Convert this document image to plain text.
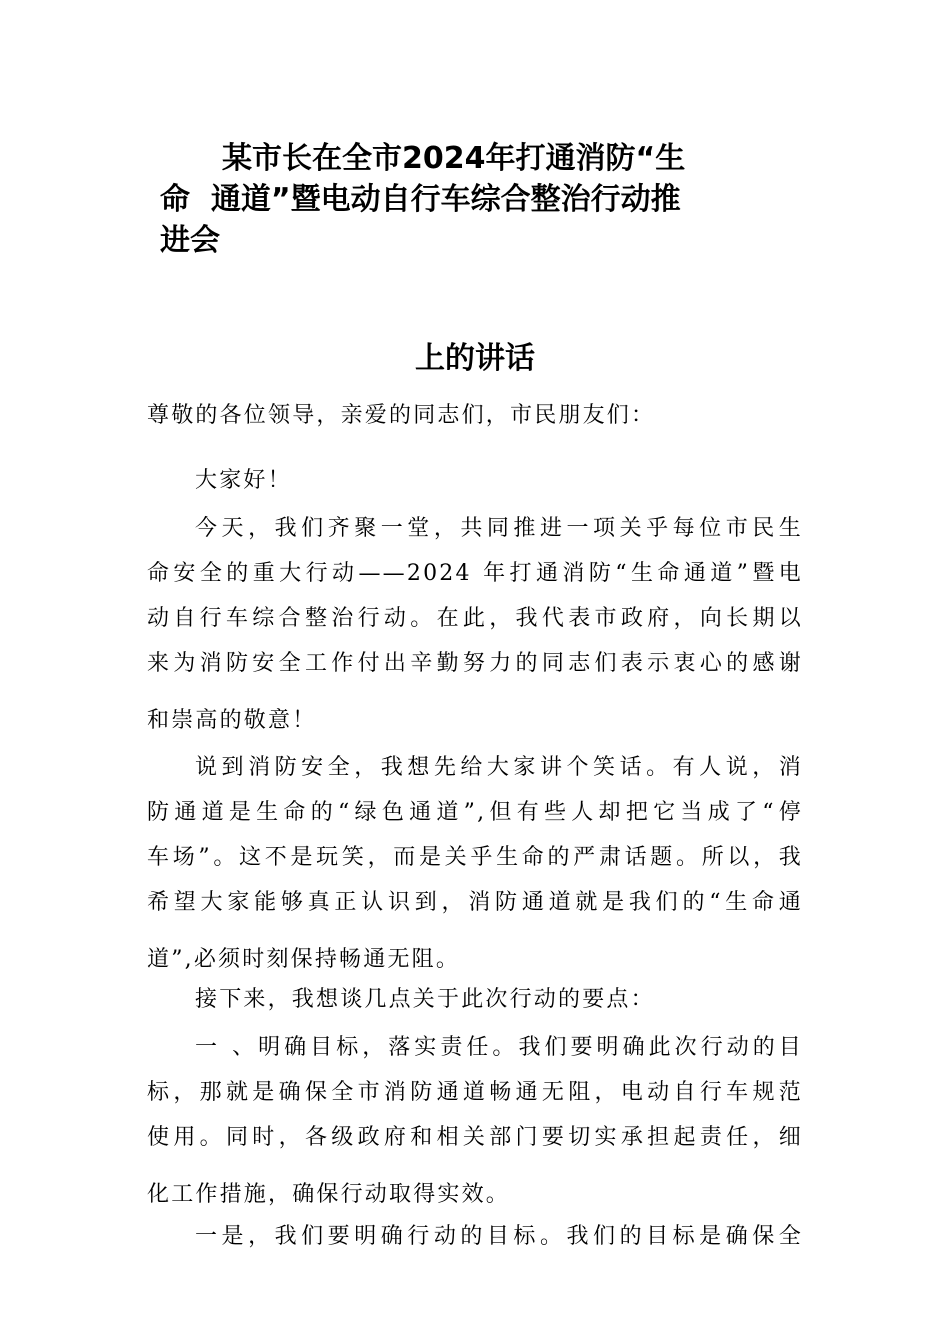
某市长在全市2024年打通消防“生
命  通道”暨电动自行车综合整治行动推
进会
上的讲话
尊敬的各位领导，亲爱的同志们，市民朋友们：
大家好！
今天，我们齐聚一堂，共同推进一项关乎每位市民生
命安全的重大行动——2024 年打通消防“生命通道”暨电
动自行车综合整治行动。在此，我代表市政府，向长期以
来为消防安全工作付出辛勤努力的同志们表示衷心的感谢
和崇高的敬意！
说到消防安全，我想先给大家讲个笑话。有人说，消
防通道是生命的“绿色通道”,但有些人却把它当成了“停
车场”。这不是玩笑，而是关乎生命的严肃话题。所以，我
希望大家能够真正认识到，消防通道就是我们的“生命通
道”,必须时刻保持畅通无阻。
接下来，我想谈几点关于此次行动的要点：
一 、明确目标，落实责任。我们要明确此次行动的目
标，那就是确保全市消防通道畅通无阻，电动自行车规范
使用。同时，各级政府和相关部门要切实承担起责任，细
化工作措施，确保行动取得实效。
一是，我们要明确行动的目标。我们的目标是确保全
